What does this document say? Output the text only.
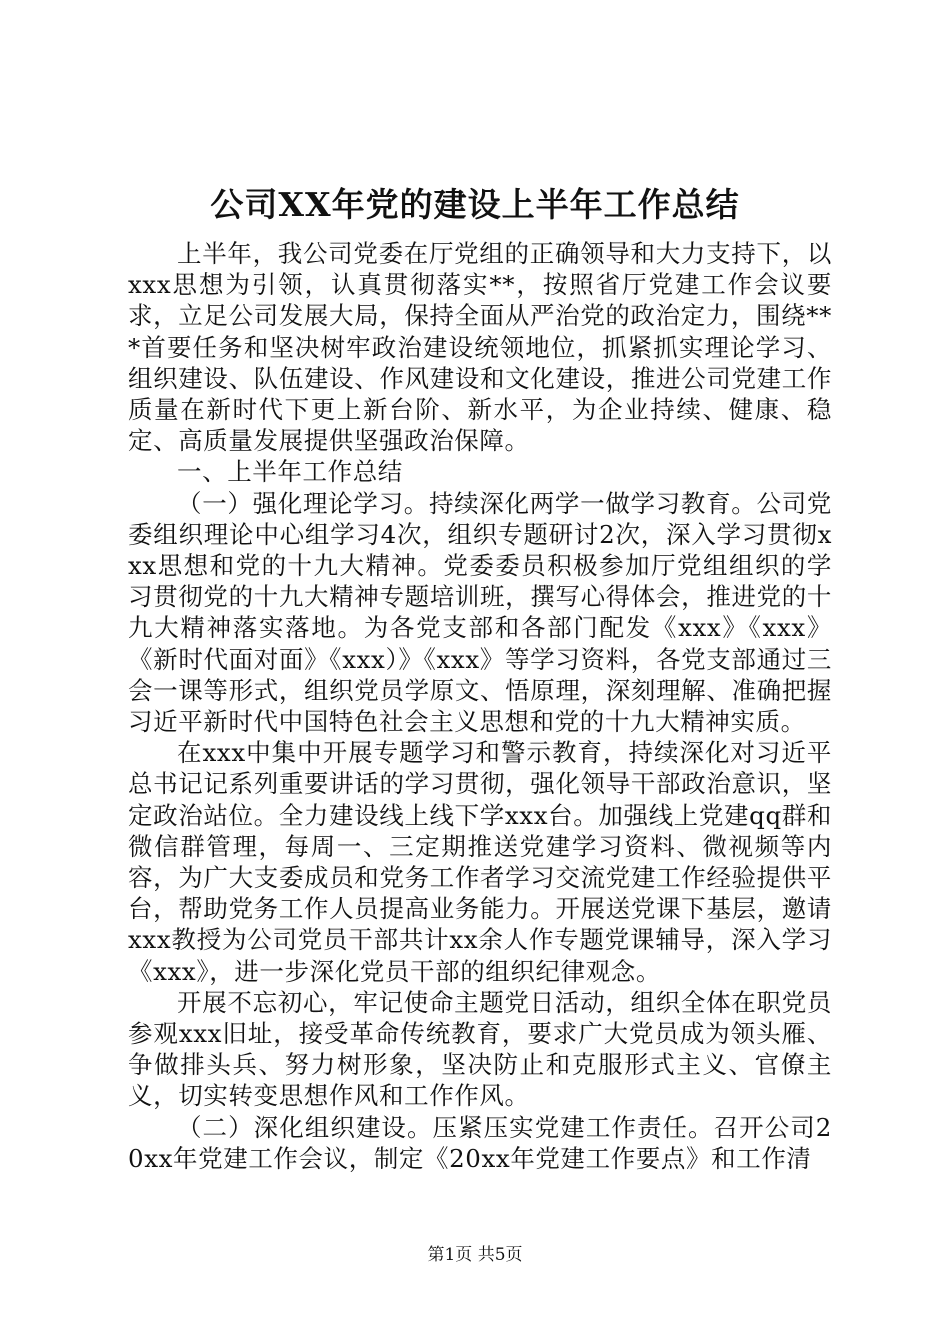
公司XX年党的建设上半年工作总结

上半年，我公司党委在厅党组的正确领导和大力支持下，以xxx思想为引领，认真贯彻落实**，按照省厅党建工作会议要求，立足公司发展大局，保持全面从严治党的政治定力，围绕***首要任务和坚决树牢政治建设统领地位，抓紧抓实理论学习、组织建设、队伍建设、作风建设和文化建设，推进公司党建工作质量在新时代下更上新台阶、新水平，为企业持续、健康、稳定、高质量发展提供坚强政治保障。

一、上半年工作总结

（一）强化理论学习。持续深化两学一做学习教育。公司党委组织理论中心组学习4次，组织专题研讨2次，深入学习贯彻xxx思想和党的十九大精神。党委委员积极参加厅党组组织的学习贯彻党的十九大精神专题培训班，撰写心得体会，推进党的十九大精神落实落地。为各党支部和各部门配发《xxx》《xxx》《新时代面对面》《xxx）》《xxx》等学习资料，各党支部通过三会一课等形式，组织党员学原文、悟原理，深刻理解、准确把握习近平新时代中国特色社会主义思想和党的十九大精神实质。

在xxx中集中开展专题学习和警示教育，持续深化对习近平总书记记系列重要讲话的学习贯彻，强化领导干部政治意识，坚定政治站位。全力建设线上线下学xxx台。加强线上党建qq群和微信群管理，每周一、三定期推送党建学习资料、微视频等内容，为广大支委成员和党务工作者学习交流党建工作经验提供平台，帮助党务工作人员提高业务能力。开展送党课下基层，邀请xxx教授为公司党员干部共计xx余人作专题党课辅导，深入学习《xxx》，进一步深化党员干部的组织纪律观念。

开展不忘初心，牢记使命主题党日活动，组织全体在职党员参观xxx旧址，接受革命传统教育，要求广大党员成为领头雁、争做排头兵、努力树形象，坚决防止和克服形式主义、官僚主义，切实转变思想作风和工作作风。

（二）深化组织建设。压紧压实党建工作责任。召开公司20xx年党建工作会议，制定《20xx年党建工作要点》和工作清

第1页 共5页
